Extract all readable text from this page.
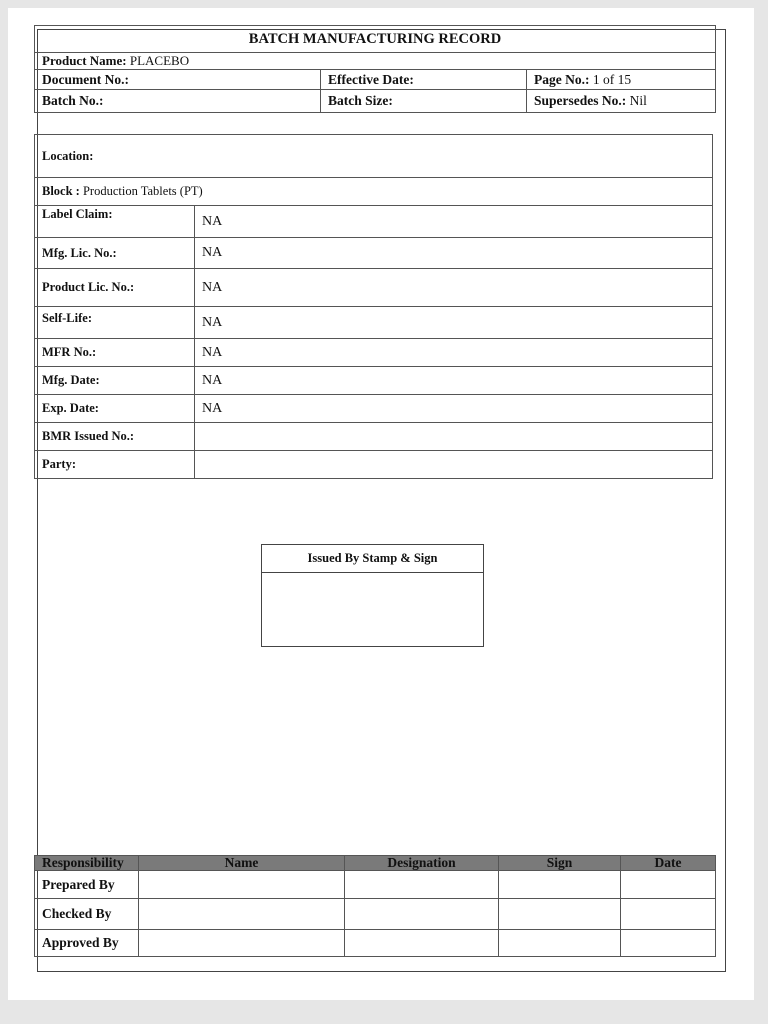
BATCH MANUFACTURING RECORD		
Product Name: PLACEBO		
Document No.:	Effective Date:	Page No.: 1 of 15
Batch No.:	Batch Size:	Supersedes No.: Nil
Location:	
Block : Production Tablets (PT)	
Label Claim:	NA
Mfg. Lic. No.:	NA
Product Lic. No.:	NA
Self-Life:	NA
MFR No.:	NA
Mfg. Date:	NA
Exp. Date:	NA
BMR Issued No.:	
Party:	
Issued By Stamp & Sign
Responsibility	Name	Designation	Sign	Date
Prepared By				
Checked By				
Approved By				
